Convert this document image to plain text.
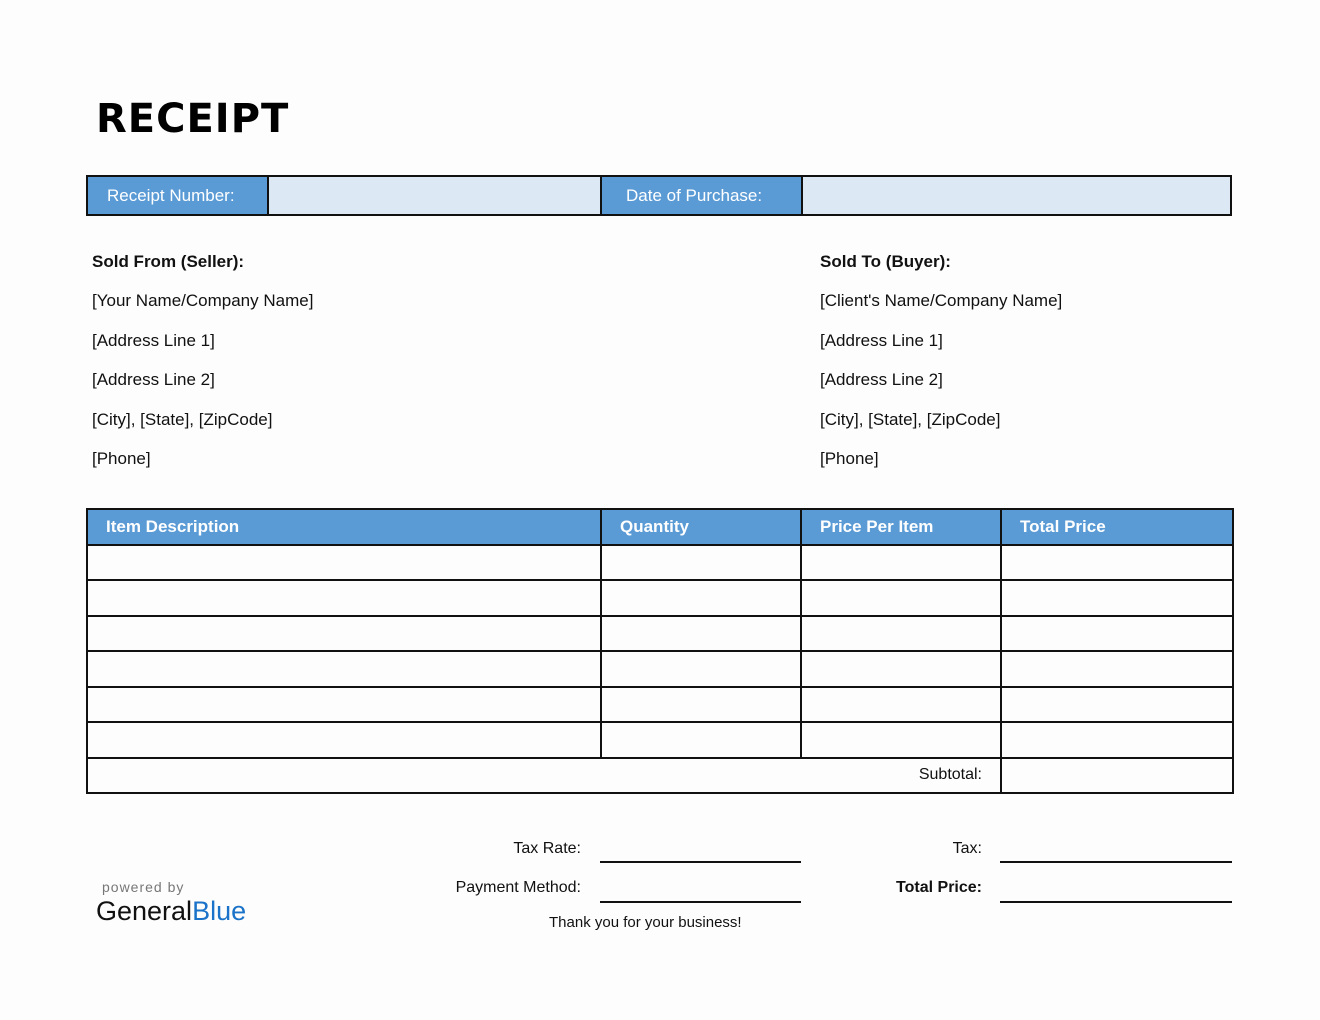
RECEIPT
Receipt Number:	Date of Purchase:
Sold From (Seller):
[Your Name/Company Name]
[Address Line 1]
[Address Line 2]
[City], [State], [ZipCode]
[Phone]
Sold To (Buyer):
[Client's Name/Company Name]
[Address Line 1]
[Address Line 2]
[City], [State], [ZipCode]
[Phone]
Item Description	Quantity	Price Per Item	Total Price

Subtotal:			
Tax Rate:
Payment Method:
Tax:
Total Price:
Thank you for your business!
powered by
GeneralBlue
